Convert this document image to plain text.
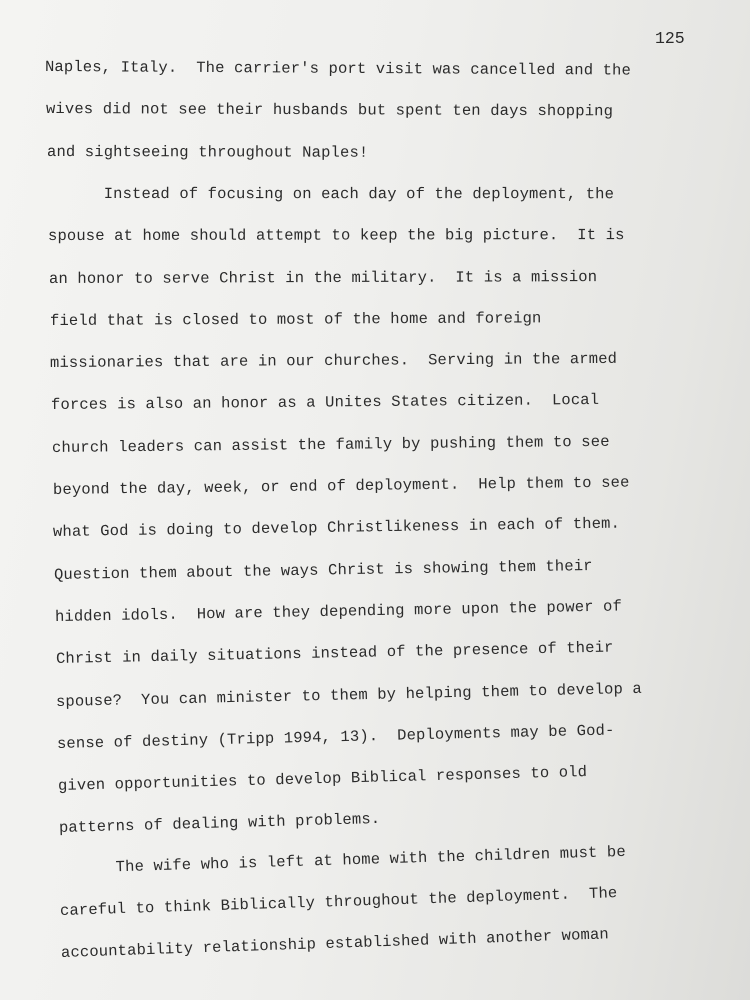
125
Naples, Italy.  The carrier's port visit was cancelled and the
wives did not see their husbands but spent ten days shopping
and sightseeing throughout Naples!
Instead of focusing on each day of the deployment, the
spouse at home should attempt to keep the big picture.  It is
an honor to serve Christ in the military.  It is a mission
field that is closed to most of the home and foreign
missionaries that are in our churches.  Serving in the armed
forces is also an honor as a Unites States citizen.  Local
church leaders can assist the family by pushing them to see
beyond the day, week, or end of deployment.  Help them to see
what God is doing to develop Christlikeness in each of them.
Question them about the ways Christ is showing them their
hidden idols.  How are they depending more upon the power of
Christ in daily situations instead of the presence of their
spouse?  You can minister to them by helping them to develop a
sense of destiny (Tripp 1994, 13).  Deployments may be God-
given opportunities to develop Biblical responses to old
patterns of dealing with problems.
The wife who is left at home with the children must be
careful to think Biblically throughout the deployment.  The
accountability relationship established with another woman
